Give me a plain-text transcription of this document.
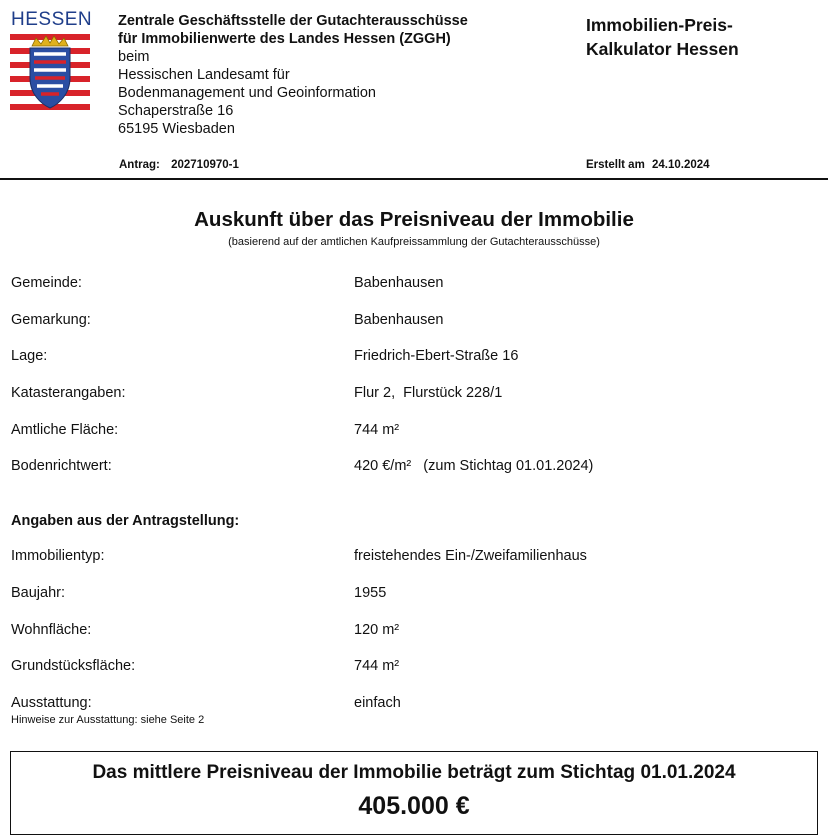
HESSEN Zentrale Geschäftsstelle der Gutachterausschüsse
für Immobilienwerte des Landes Hessen (ZGGH)
beim
Hessischen Landesamt für
Bodenmanagement und Geoinformation
Schaperstraße 16
65195 Wiesbaden
Immobilien-Preis-
Kalkulator Hessen
Antrag: 202710970-1	Erstellt am 24.10.2024
Auskunft über das Preisniveau der Immobilie
(basierend auf der amtlichen Kaufpreissammlung der Gutachterausschüsse)
Gemeinde:	Babenhausen
Gemarkung:	Babenhausen
Lage:	Friedrich-Ebert-Straße 16
Katasterangaben:	Flur 2,  Flurstück 228/1
Amtliche Fläche:	744 m²
Bodenrichtwert:	420 €/m²   (zum Stichtag 01.01.2024)
Angaben aus der Antragstellung:
Immobilientyp:	freistehendes Ein-/Zweifamilienhaus
Baujahr:	1955
Wohnfläche:	120 m²
Grundstücksfläche:	744 m²
Ausstattung:	einfach
Hinweise zur Ausstattung: siehe Seite 2
Das mittlere Preisniveau der Immobilie beträgt zum Stichtag 01.01.2024
405.000 €
